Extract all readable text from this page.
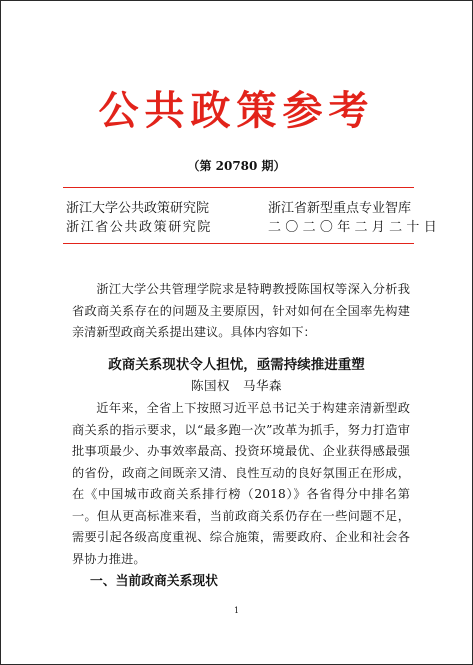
公共政策参考
（第 20780 期）
浙江大学公共政策研究院
浙江省公共政策研究院
浙江省新型重点专业智库
二〇二〇年二月二十日

浙江大学公共管理学院求是特聘教授陈国权等深入分析我省政商关系存在的问题及主要原因，针对如何在全国率先构建亲清新型政商关系提出建议。具体内容如下：

政商关系现状令人担忧，亟需持续推进重塑
陈国权　马华森

近年来，全省上下按照习近平总书记关于构建亲清新型政商关系的指示要求，以“最多跑一次”改革为抓手，努力打造审批事项最少、办事效率最高、投资环境最优、企业获得感最强的省份，政商之间既亲又清、良性互动的良好氛围正在形成，在《中国城市政商关系排行榜（2018）》各省得分中排名第一。但从更高标准来看，当前政商关系仍存在一些问题不足，需要引起各级高度重视、综合施策，需要政府、企业和社会各界协力推进。

一、当前政商关系现状
1
